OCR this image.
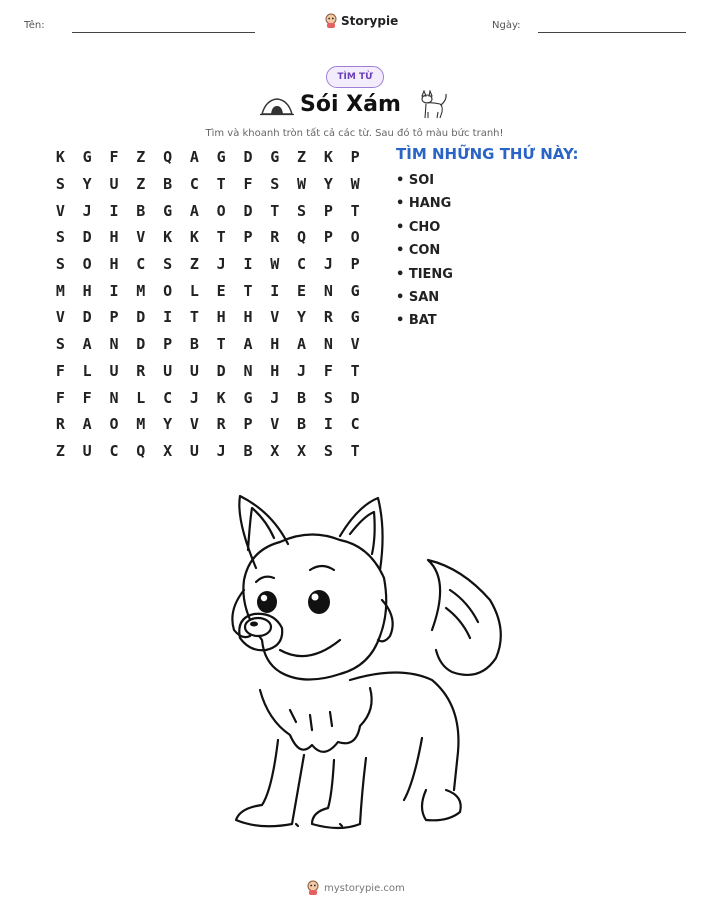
Tên:	Storypie	Ngày:
TÌM TỪ
Sói Xám
Tìm và khoanh tròn tất cả các từ. Sau đó tô màu bức tranh!
K	G	F	Z	Q	A	G	D	G	Z	K	P
S	Y	U	Z	B	C	T	F	S	W	Y	W
V	J	I	B	G	A	O	D	T	S	P	T
S	D	H	V	K	K	T	P	R	Q	P	O
S	O	H	C	S	Z	J	I	W	C	J	P
M	H	I	M	O	L	E	T	I	E	N	G
V	D	P	D	I	T	H	H	V	Y	R	G
S	A	N	D	P	B	T	A	H	A	N	V
F	L	U	R	U	U	D	N	H	J	F	T
F	F	N	L	C	J	K	G	J	B	S	D
R	A	O	M	Y	V	R	P	V	B	I	C
Z	U	C	Q	X	U	J	B	X	X	S	T
TÌM NHỮNG THỨ NÀY:
• SOI
• HANG
• CHO
• CON
• TIENG
• SAN
• BAT
mystorypie.com
